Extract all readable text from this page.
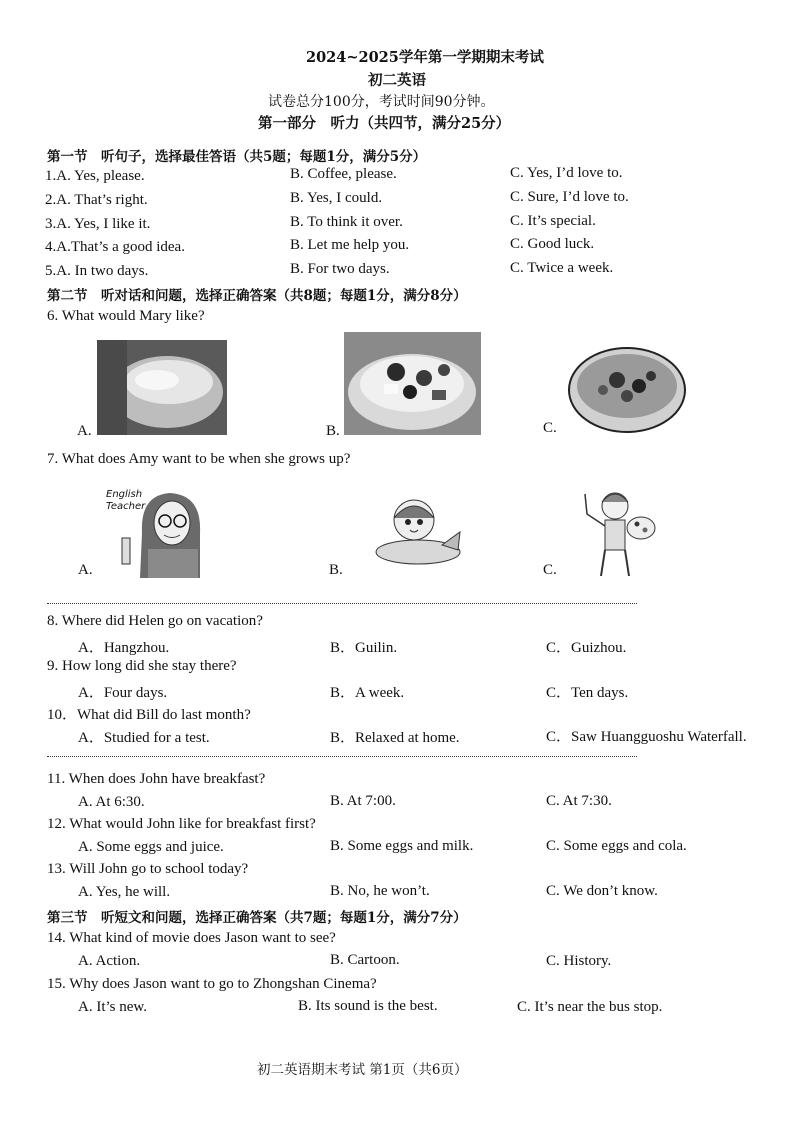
2024~2025学年第一学期期末考试
初二英语
试卷总分100分，考试时间90分钟。
第一部分　听力（共四节，满分25分）
第一节　听句子，选择最佳答语（共5题；每题1分，满分5分）
1.A. Yes, please.	B. Coffee, please.	C. Yes, I’d love to.
2.A. That’s right.	B. Yes, I could.	C. Sure, I’d love to.
3.A. Yes, I like it.	B. To think it over.	C. It’s special.
4.A.That’s a good idea.	B. Let me help you.	C. Good luck.
5.A. In two days.	B. For two days.	C. Twice a week.
第二节　听对话和问题，选择正确答案（共8题；每题1分，满分8分）
6. What would Mary like?
A.	B.	C.
7. What does Amy want to be when she grows up?
English Teacher
A.	B.	C.
8. Where did Helen go on vacation?
A．Hangzhou.	B．Guilin.	C．Guizhou.
9. How long did she stay there?
A．Four days.	B．A week.	C．Ten days.
10．What did Bill do last month?
A．Studied for a test.	B．Relaxed at home.	C．Saw Huangguoshu Waterfall.
11. When does John have breakfast?
A. At 6:30.	B. At 7:00.	C. At 7:30.
12. What would John like for breakfast first?
A. Some eggs and juice.	B. Some eggs and milk.	C. Some eggs and cola.
13. Will John go to school today?
A. Yes, he will.	B. No, he won’t.	C. We don’t know.
第三节　听短文和问题，选择正确答案（共7题；每题1分，满分7分）
14. What kind of movie does Jason want to see?
A. Action.	B. Cartoon.	C. History.
15. Why does Jason want to go to Zhongshan Cinema?
A. It’s new.	B. Its sound is the best.	C. It’s near the bus stop.
初二英语期末考试 第1页（共6页）
